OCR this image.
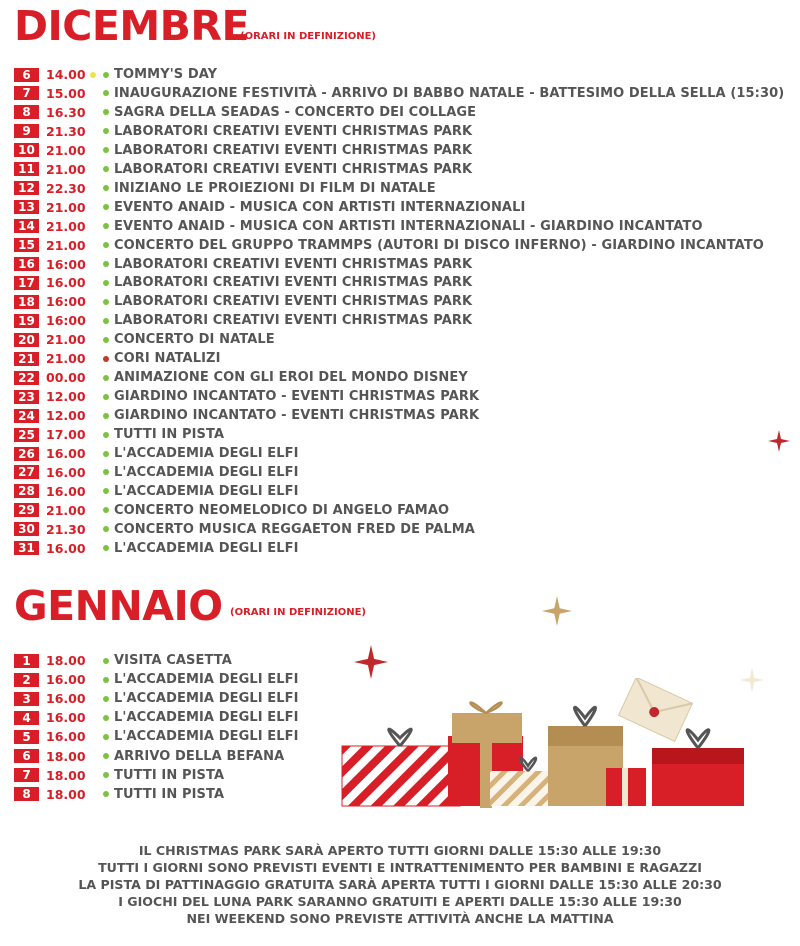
DICEMBRE
(ORARI IN DEFINIZIONE)
6	14.00 TOMMY'S DAY
7	15.00 INAUGURAZIONE FESTIVITÀ - ARRIVO DI BABBO NATALE - BATTESIMO DELLA SELLA (15:30)
8	16.30 SAGRA DELLA SEADAS - CONCERTO DEI COLLAGE
9	21.30 LABORATORI CREATIVI EVENTI CHRISTMAS PARK
10 21.00 LABORATORI CREATIVI EVENTI CHRISTMAS PARK
11 21.00 LABORATORI CREATIVI EVENTI CHRISTMAS PARK
12 22.30 INIZIANO LE PROIEZIONI DI FILM DI NATALE
13 21.00 EVENTO ANAID - MUSICA CON ARTISTI INTERNAZIONALI
14 21.00 EVENTO ANAID - MUSICA CON ARTISTI INTERNAZIONALI - GIARDINO INCANTATO
15 21.00 CONCERTO DEL GRUPPO TRAMMPS (AUTORI DI DISCO INFERNO) - GIARDINO INCANTATO
16 16:00 LABORATORI CREATIVI EVENTI CHRISTMAS PARK
17 16.00 LABORATORI CREATIVI EVENTI CHRISTMAS PARK
18 16:00 LABORATORI CREATIVI EVENTI CHRISTMAS PARK
19 16:00 LABORATORI CREATIVI EVENTI CHRISTMAS PARK
20 21.00 CONCERTO DI NATALE
21 21.00 CORI NATALIZI
22 00.00 ANIMAZIONE CON GLI EROI DEL MONDO DISNEY
23 12.00 GIARDINO INCANTATO - EVENTI CHRISTMAS PARK
24 12.00 GIARDINO INCANTATO - EVENTI CHRISTMAS PARK
25 17.00 TUTTI IN PISTA
26 16.00 L'ACCADEMIA DEGLI ELFI
27 16.00 L'ACCADEMIA DEGLI ELFI
28 16.00 L'ACCADEMIA DEGLI ELFI
29 21.00 CONCERTO NEOMELODICO DI ANGELO FAMAO
30 21.30 CONCERTO MUSICA REGGAETON FRED DE PALMA
31 16.00 L'ACCADEMIA DEGLI ELFI
GENNAIO (ORARI IN DEFINIZIONE)
1	18.00 VISITA CASETTA
2	16.00 L'ACCADEMIA DEGLI ELFI
3	16.00 L'ACCADEMIA DEGLI ELFI
4	16.00 L'ACCADEMIA DEGLI ELFI
5	16.00 L'ACCADEMIA DEGLI ELFI
6	18.00 ARRIVO DELLA BEFANA
7	18.00 TUTTI IN PISTA
8	18.00 TUTTI IN PISTA
IL CHRISTMAS PARK SARÀ APERTO TUTTI GIORNI DALLE 15:30 ALLE 19:30
TUTTI I GIORNI SONO PREVISTI EVENTI E INTRATTENIMENTO PER BAMBINI E RAGAZZI
LA PISTA DI PATTINAGGIO GRATUITA SARÀ APERTA TUTTI I GIORNI DALLE 15:30 ALLE 20:30
I GIOCHI DEL LUNA PARK SARANNO GRATUITI E APERTI DALLE 15:30 ALLE 19:30
NEI WEEKEND SONO PREVISTE ATTIVITÀ ANCHE LA MATTINA
